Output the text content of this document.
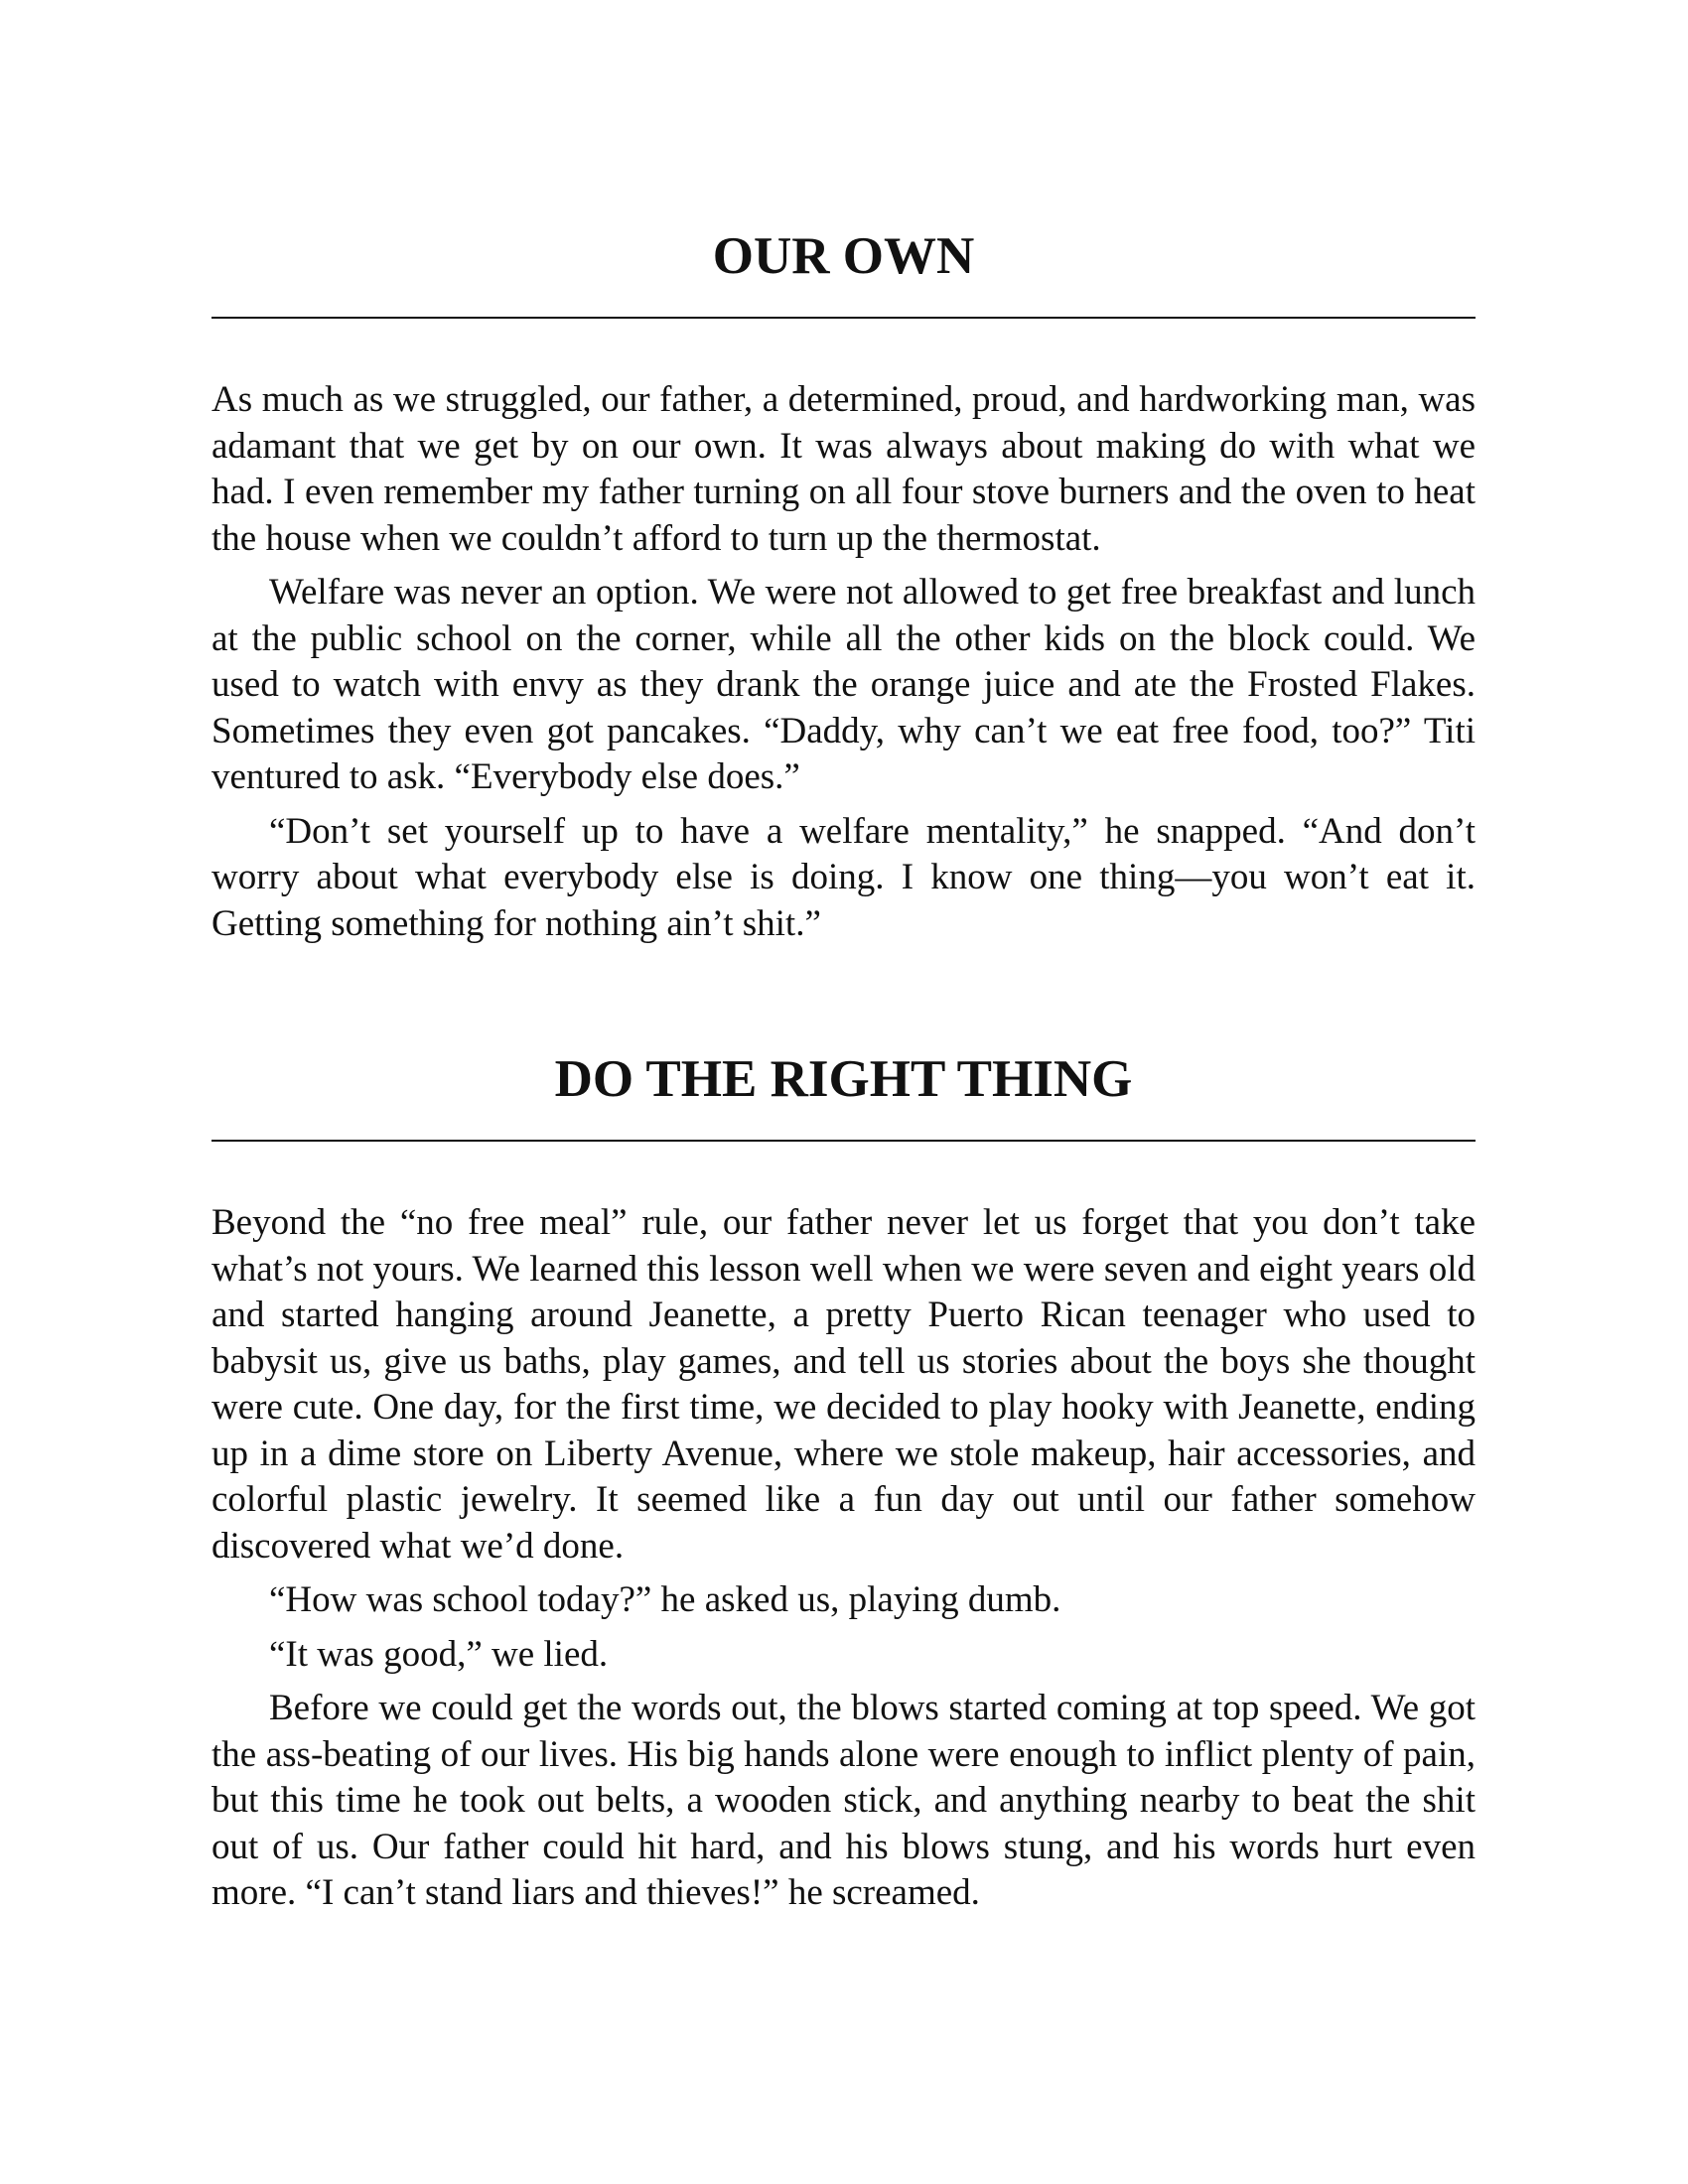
OUR OWN

As much as we struggled, our father, a determined, proud, and hardworking man, was adamant that we get by on our own. It was always about making do with what we had. I even remember my father turning on all four stove burners and the oven to heat the house when we couldn’t afford to turn up the thermostat.

Welfare was never an option. We were not allowed to get free breakfast and lunch at the public school on the corner, while all the other kids on the block could. We used to watch with envy as they drank the orange juice and ate the Frosted Flakes. Sometimes they even got pancakes. “Daddy, why can’t we eat free food, too?” Titi ventured to ask. “Everybody else does.”

“Don’t set yourself up to have a welfare mentality,” he snapped. “And don’t worry about what everybody else is doing. I know one thing—you won’t eat it. Getting something for nothing ain’t shit.”

DO THE RIGHT THING

Beyond the “no free meal” rule, our father never let us forget that you don’t take what’s not yours. We learned this lesson well when we were seven and eight years old and started hanging around Jeanette, a pretty Puerto Rican teenager who used to babysit us, give us baths, play games, and tell us stories about the boys she thought were cute. One day, for the first time, we decided to play hooky with Jeanette, ending up in a dime store on Liberty Avenue, where we stole makeup, hair accessories, and colorful plastic jewelry. It seemed like a fun day out until our father somehow discovered what we’d done.

“How was school today?” he asked us, playing dumb.

“It was good,” we lied.

Before we could get the words out, the blows started coming at top speed. We got the ass-beating of our lives. His big hands alone were enough to inflict plenty of pain, but this time he took out belts, a wooden stick, and anything nearby to beat the shit out of us. Our father could hit hard, and his blows stung, and his words hurt even more. “I can’t stand liars and thieves!” he screamed.
